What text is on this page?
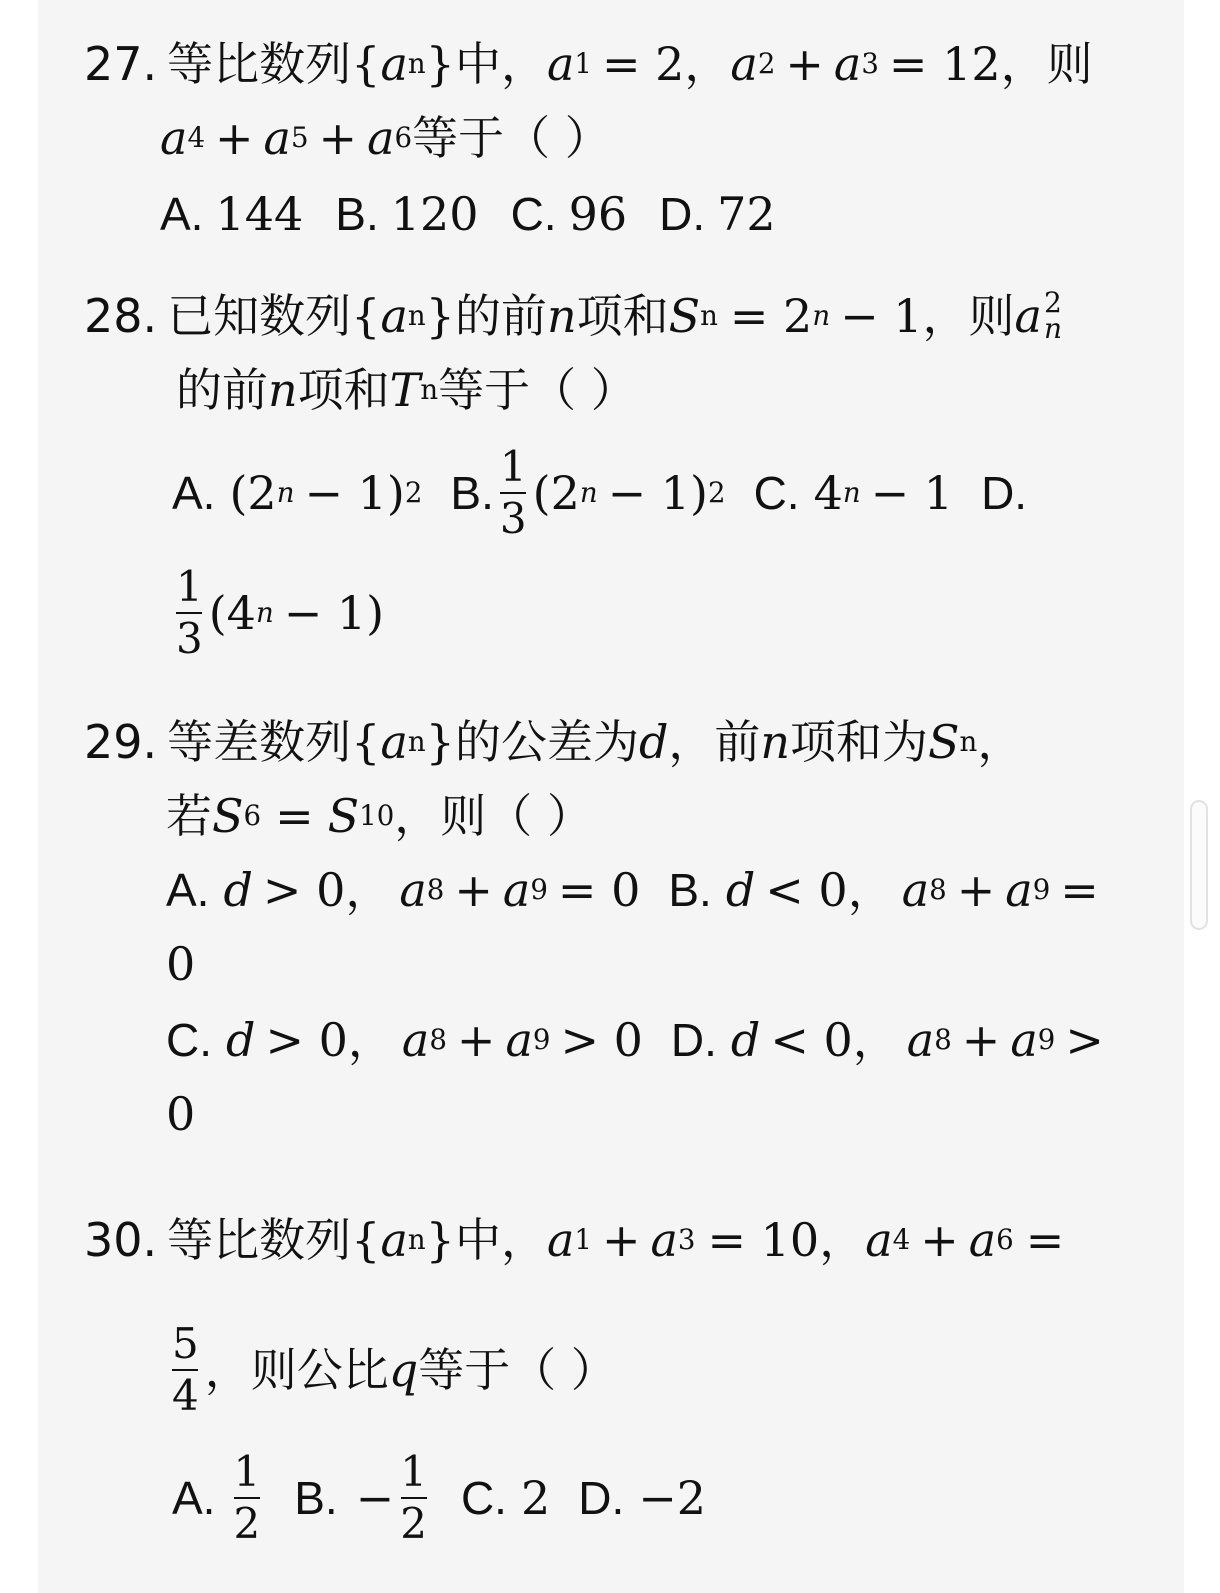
27. 等比数列 { a n } 中， a 1 = 2 ， a 2 + a 3 = 12 ，则
a 4 + a 5 + a 6 等于（ ）
A. 144 B. 120 C. 96 D. 72
28. 已知数列 { a n } 的前 n 项和 S n = 2 n − 1 ，则 a 2
n
的前 n 项和 T n 等于（ ）
A. (2 n − 1) 2 B. $\frac{1}{3} (2$ n − 1) 2 C. 4 n − 1 D.
$\frac{1}{3} (4$ n − 1)
29. 等差数列 { a n } 的公差为 d ，前 n 项和为 S n ，
若 S 6 = S 10 ，则（ ）
A. d > 0， a 8 + a 9 = 0 B. d < 0， a 8 + a 9 =
0
C. d > 0， a 8 + a 9 > 0 D. d < 0， a 8 + a 9 >
0
30. 等比数列 { a n } 中， a 1 + a 3 = 10 ， a 4 + a 6 =
$\frac{5}{4}$ ，则公比 q 等于（ ）
A. $\frac{1}{2} B$. − $\frac{1}{2} C$. 2 D. −2
